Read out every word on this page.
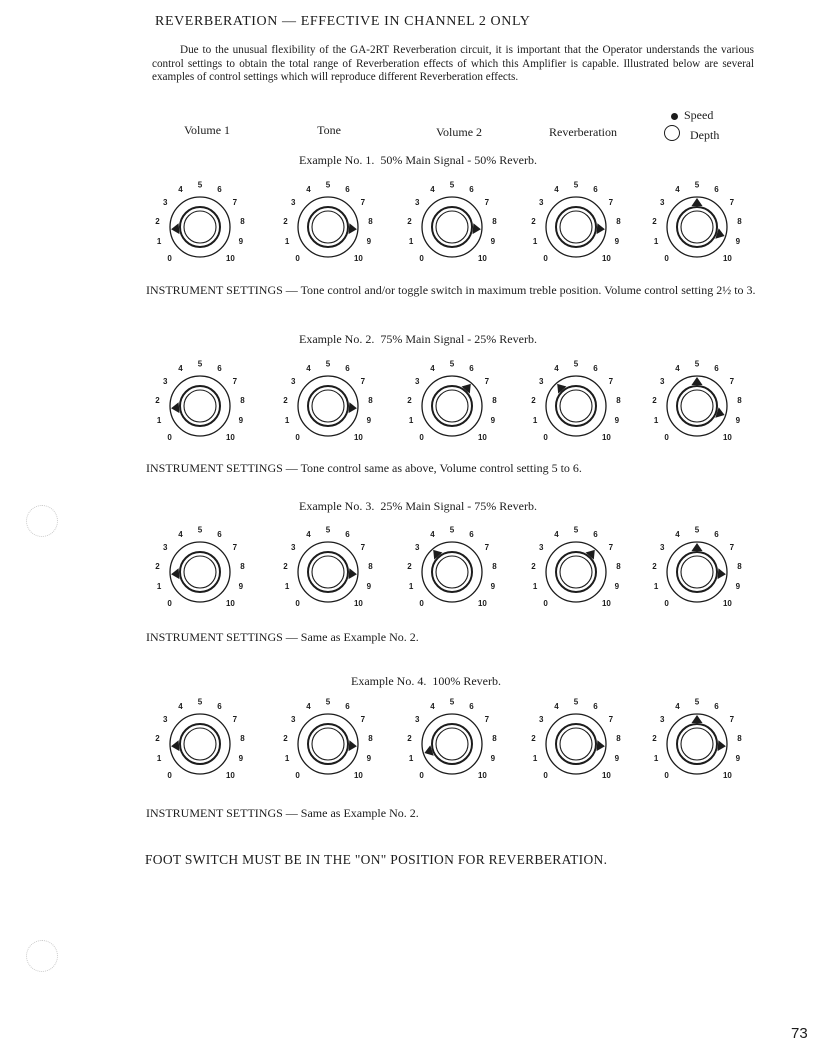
REVERBERATION — EFFECTIVE IN CHANNEL 2 ONLY
Due to the unusual flexibility of the GA-2RT Reverberation circuit, it is important that the Operator understands the various control settings to obtain the total range of Reverberation effects of which this Amplifier is capable. Illustrated below are several examples of control settings which will reproduce different Reverberation effects.
Volume 1	Tone	Volume 2	Reverberation
Speed
Depth
Example No. 1.  50% Main Signal - 50% Reverb.
0
1
2
3
4
5
6
7
8
9
10	0
1
2
3
4
5
6
7
8
9
10	0
1
2
3
4
5
6
7
8
9
10	0
1
2
3
4
5
6
7
8
9
10	0
1
2
3
4
5
6
7
8
9
10
INSTRUMENT SETTINGS — Tone control and/or toggle switch in maximum treble position. Volume control setting 2½ to 3.
Example No. 2.  75% Main Signal - 25% Reverb.
0
1
2
3
4
5
6
7
8
9
10	0
1
2
3
4
5
6
7
8
9
10	0
1
2
3
4
5
6
7
8
9
10	0
1
2
3
4
5
6
7
8
9
10	0
1
2
3
4
5
6
7
8
9
10
INSTRUMENT SETTINGS — Tone control same as above, Volume control setting 5 to 6.
Example No. 3.  25% Main Signal - 75% Reverb.
0
1
2
3
4
5
6
7
8
9
10	0
1
2
3
4
5
6
7
8
9
10	0
1
2
3
4
5
6
7
8
9
10	0
1
2
3
4
5
6
7
8
9
10	0
1
2
3
4
5
6
7
8
9
10
INSTRUMENT SETTINGS — Same as Example No. 2.
Example No. 4.  100% Reverb.
0
1
2
3
4
5
6
7
8
9
10	0
1
2
3
4
5
6
7
8
9
10	0
1
2
3
4
5
6
7
8
9
10	0
1
2
3
4
5
6
7
8
9
10	0
1
2
3
4
5
6
7
8
9
10
INSTRUMENT SETTINGS — Same as Example No. 2.
FOOT SWITCH MUST BE IN THE "ON" POSITION FOR REVERBERATION.
73
